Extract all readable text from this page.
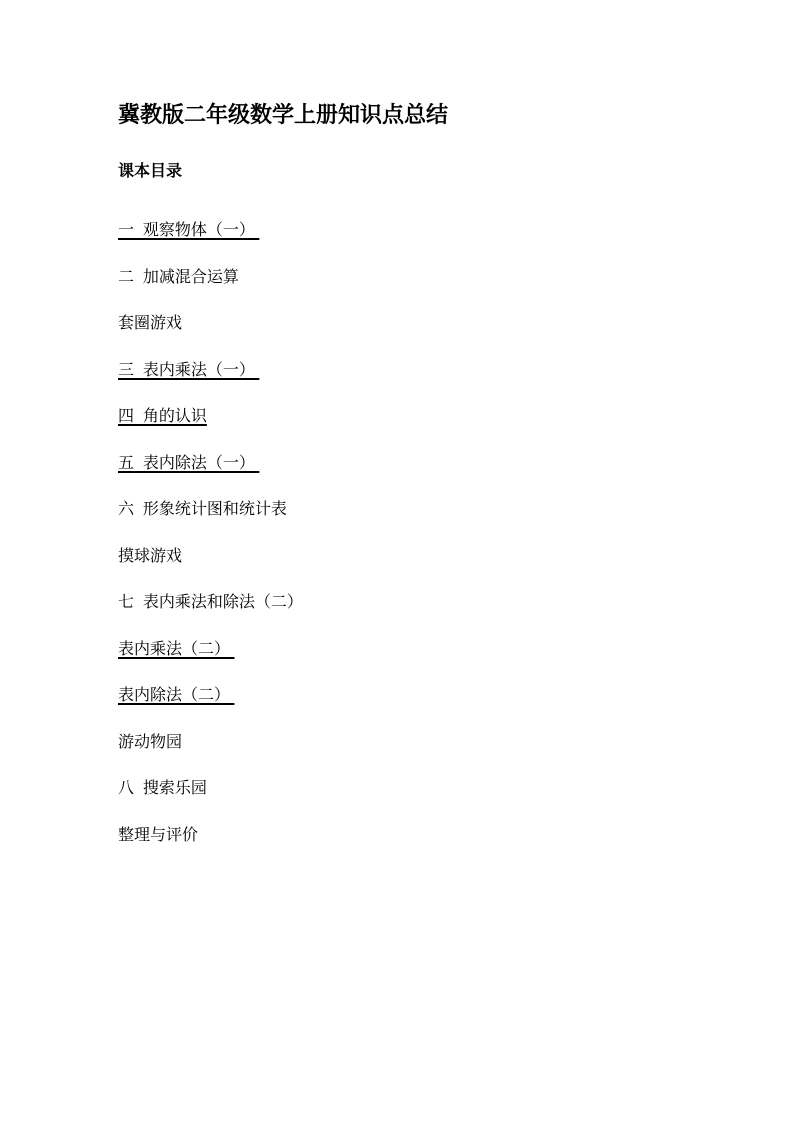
冀教版二年级数学上册知识点总结
课本目录

一  观察物体（一）

二  加减混合运算

套圈游戏

三  表内乘法（一）

四  角的认识

五  表内除法（一）

六  形象统计图和统计表

摸球游戏

七  表内乘法和除法（二）

表内乘法（二）

表内除法（二）

游动物园

八  搜索乐园

整理与评价
